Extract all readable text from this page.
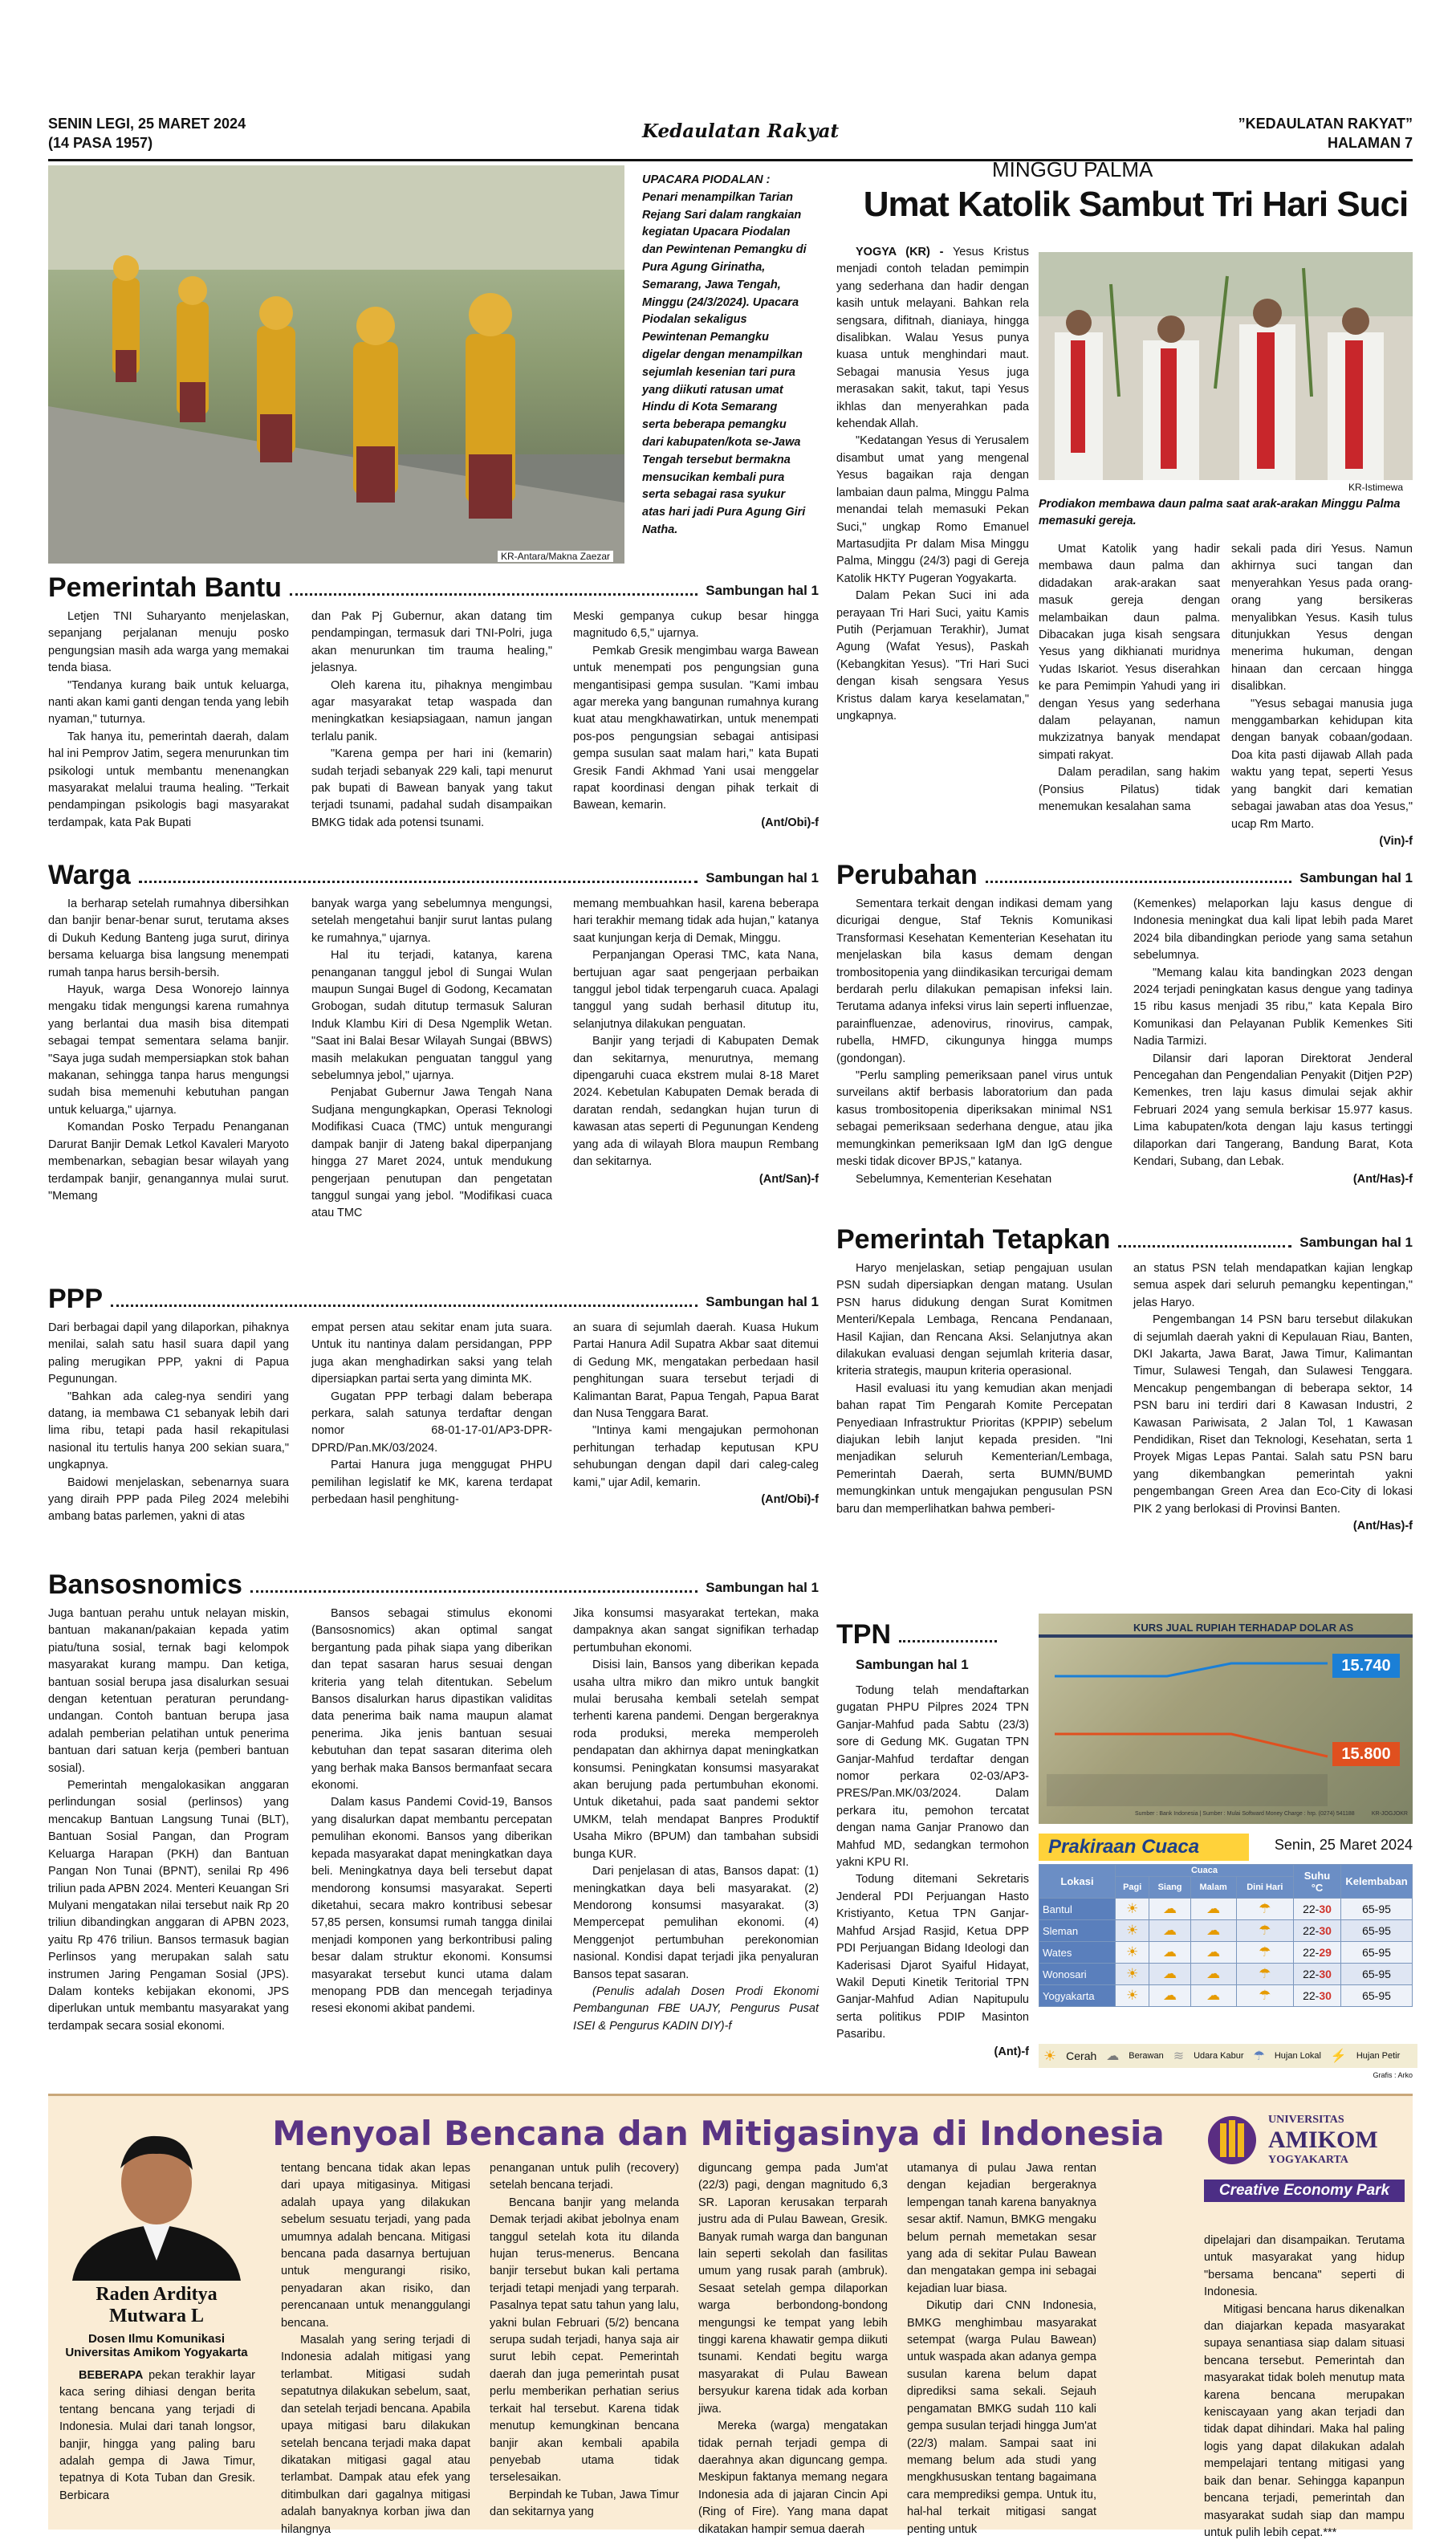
SENIN LEGI, 25 MARET 2024
(14 PASA 1957)
Kedaulatan Rakyat	”KEDAULATAN RAKYAT”
HALAMAN 7
KR-Antara/Makna Zaezar
UPACARA PIODALAN : Penari menampilkan Tarian Rejang Sari dalam rangkaian kegiatan Upacara Piodalan dan Pewintenan Pemangku di Pura Agung Girinatha, Semarang, Jawa Tengah, Minggu (24/3/2024). Upacara Piodalan sekaligus Pewintenan Pemangku digelar dengan menampilkan sejumlah kesenian tari pura yang diikuti ratusan umat Hindu di Kota Semarang serta beberapa pemangku dari kabupaten/kota se-Jawa Tengah tersebut bermakna mensucikan kembali pura serta sebagai rasa syukur atas hari jadi Pura Agung Giri Natha.
MINGGU PALMA
Umat Katolik Sambut Tri Hari Suci

YOGYA (KR) - Yesus Kristus menjadi contoh teladan pemimpin yang sederhana dan hadir dengan kasih untuk melayani. Bahkan rela sengsara, difitnah, dianiaya, hingga disalibkan. Walau Yesus punya kuasa untuk menghindari maut. Sebagai manusia Yesus juga merasakan sakit, takut, tapi Yesus ikhlas dan menyerahkan pada kehendak Allah.

"Kedatangan Yesus di Yerusalem disambut umat yang mengenal Yesus bagaikan raja dengan lambaian daun palma, Minggu Palma menandai telah memasuki Pekan Suci," ungkap Romo Emanuel Martasudjita Pr dalam Misa Minggu Palma, Minggu (24/3) pagi di Gereja Katolik HKTY Pugeran Yogyakarta.

Dalam Pekan Suci ini ada perayaan Tri Hari Suci, yaitu Kamis Putih (Perjamuan Terakhir), Jumat Agung (Wafat Yesus), Paskah (Kebangkitan Yesus). "Tri Hari Suci dengan kisah sengsara Yesus Kristus dalam karya keselamatan," ungkapnya.

KR-Istimewa
Prodiakon membawa daun palma saat arak-arakan Minggu Palma memasuki gereja.

Umat Katolik yang hadir membawa daun palma dan didadakan arak-arakan saat masuk gereja dengan melambaikan daun palma. Dibacakan juga kisah sengsara Yesus yang dikhianati muridnya Yudas Iskariot. Yesus diserahkan ke para Pemimpin Yahudi yang iri dengan Yesus yang sederhana dalam pelayanan, namun mukzizatnya banyak mendapat simpati rakyat.

Dalam peradilan, sang hakim (Ponsius Pilatus) tidak menemukan kesalahan sama

sekali pada diri Yesus. Namun akhirnya suci tangan dan menyerahkan Yesus pada orang-orang yang bersikeras menyalibkan Yesus. Kasih tulus ditunjukkan Yesus dengan menerima hukuman, dengan hinaan dan cercaan hingga disalibkan.

"Yesus sebagai manusia juga menggambarkan kehidupan kita dengan banyak cobaan/godaan. Doa kita pasti dijawab Allah pada waktu yang tepat, seperti Yesus yang bangkit dari kematian sebagai jawaban atas doa Yesus," ucap Rm Marto.

(Vin)-f
Pemerintah Bantu	Sambungan hal 1

Letjen TNI Suharyanto menjelaskan, sepanjang perjalanan menuju posko pengungsian masih ada warga yang memakai tenda biasa.

"Tendanya kurang baik untuk keluarga, nanti akan kami ganti dengan tenda yang lebih nyaman," tuturnya.

Tak hanya itu, pemerintah daerah, dalam hal ini Pemprov Jatim, segera menurunkan tim psikologi untuk membantu menenangkan masyarakat melalui trauma healing. "Terkait pendampingan psikologis bagi masyarakat terdampak, kata Pak Bupati

dan Pak Pj Gubernur, akan datang tim pendampingan, termasuk dari TNI-Polri, juga akan menurunkan tim trauma healing," jelasnya.

Oleh karena itu, pihaknya mengimbau agar masyarakat tetap waspada dan meningkatkan kesiapsiagaan, namun jangan terlalu panik.

"Karena gempa per hari ini (kemarin) sudah terjadi sebanyak 229 kali, tapi menurut pak bupati di Bawean banyak yang takut terjadi tsunami, padahal sudah disampaikan BMKG tidak ada potensi tsunami.

Meski gempanya cukup besar hingga magnitudo 6,5," ujarnya.

Pemkab Gresik mengimbau warga Bawean untuk menempati pos pengungsian guna mengantisipasi gempa susulan. "Kami imbau agar mereka yang bangunan rumahnya kurang kuat atau mengkhawatirkan, untuk menempati pos-pos pengungsian sebagai antisipasi gempa susulan saat malam hari," kata Bupati Gresik Fandi Akhmad Yani usai menggelar rapat koordinasi dengan pihak terkait di Bawean, kemarin.

(Ant/Obi)-f
Warga	Sambungan hal 1

Ia berharap setelah rumahnya dibersihkan dan banjir benar-benar surut, terutama akses di Dukuh Kedung Banteng juga surut, dirinya bersama keluarga bisa langsung menempati rumah tanpa harus bersih-bersih.

Hayuk, warga Desa Wonorejo lainnya mengaku tidak mengungsi karena rumahnya yang berlantai dua masih bisa ditempati sebagai tempat sementara selama banjir. "Saya juga sudah mempersiapkan stok bahan makanan, sehingga tanpa harus mengungsi sudah bisa memenuhi kebutuhan pangan untuk keluarga," ujarnya.

Komandan Posko Terpadu Penanganan Darurat Banjir Demak Letkol Kavaleri Maryoto membenarkan, sebagian besar wilayah yang terdampak banjir, genangannya mulai surut. "Memang

banyak warga yang sebelumnya mengungsi, setelah mengetahui banjir surut lantas pulang ke rumahnya," ujarnya.

Hal itu terjadi, katanya, karena penanganan tanggul jebol di Sungai Wulan maupun Sungai Bugel di Godong, Kecamatan Grobogan, sudah ditutup termasuk Saluran Induk Klambu Kiri di Desa Ngemplik Wetan. "Saat ini Balai Besar Wilayah Sungai (BBWS) masih melakukan penguatan tanggul yang sebelumnya jebol," ujarnya.

Penjabat Gubernur Jawa Tengah Nana Sudjana mengungkapkan, Operasi Teknologi Modifikasi Cuaca (TMC) untuk mengurangi dampak banjir di Jateng bakal diperpanjang hingga 27 Maret 2024, untuk mendukung pengerjaan penutupan dan pengetatan tanggul sungai yang jebol. "Modifikasi cuaca atau TMC

memang membuahkan hasil, karena beberapa hari terakhir memang tidak ada hujan," katanya saat kunjungan kerja di Demak, Minggu.

Perpanjangan Operasi TMC, kata Nana, bertujuan agar saat pengerjaan perbaikan tanggul jebol tidak terpengaruh cuaca. Apalagi tanggul yang sudah berhasil ditutup itu, selanjutnya dilakukan penguatan.

Banjir yang terjadi di Kabupaten Demak dan sekitarnya, menurutnya, memang dipengaruhi cuaca ekstrem mulai 8-18 Maret 2024. Kebetulan Kabupaten Demak berada di daratan rendah, sedangkan hujan turun di kawasan atas seperti di Pegunungan Kendeng yang ada di wilayah Blora maupun Rembang dan sekitarnya.

(Ant/San)-f
Perubahan	Sambungan hal 1

Sementara terkait dengan indikasi demam yang dicurigai dengue, Staf Teknis Komunikasi Transformasi Kesehatan Kementerian Kesehatan itu menjelaskan bila kasus demam dengan trombositopenia yang diindikasikan tercurigai demam berdarah perlu dilakukan pemapisan infeksi lain. Terutama adanya infeksi virus lain seperti influenzae, parainfluenzae, adenovirus, rinovirus, campak, rubella, HMFD, cikungunya hingga mumps (gondongan).

"Perlu sampling pemeriksaan panel virus untuk surveilans aktif berbasis laboratorium dan pada kasus trombositopenia diperiksakan minimal NS1 sebagai pemeriksaan sederhana dengue, atau jika memungkinkan pemeriksaan IgM dan IgG dengue meski tidak dicover BPJS," katanya.

Sebelumnya, Kementerian Kesehatan

(Kemenkes) melaporkan laju kasus dengue di Indonesia meningkat dua kali lipat lebih pada Maret 2024 bila dibandingkan periode yang sama setahun sebelumnya.

"Memang kalau kita bandingkan 2023 dengan 2024 terjadi peningkatan kasus dengue yang tadinya 15 ribu kasus menjadi 35 ribu," kata Kepala Biro Komunikasi dan Pelayanan Publik Kemenkes Siti Nadia Tarmizi.

Dilansir dari laporan Direktorat Jenderal Pencegahan dan Pengendalian Penyakit (Ditjen P2P) Kemenkes, tren laju kasus dimulai sejak akhir Februari 2024 yang semula berkisar 15.977 kasus. Lima kabupaten/kota dengan laju kasus tertinggi dilaporkan dari Tangerang, Bandung Barat, Kota Kendari, Subang, dan Lebak.

(Ant/Has)-f
Pemerintah Tetapkan	Sambungan hal 1

Haryo menjelaskan, setiap pengajuan usulan PSN sudah dipersiapkan dengan matang. Usulan PSN harus didukung dengan Surat Komitmen Menteri/Kepala Lembaga, Rencana Pendanaan, Hasil Kajian, dan Rencana Aksi. Selanjutnya akan dilakukan evaluasi dengan sejumlah kriteria dasar, kriteria strategis, maupun kriteria operasional.

Hasil evaluasi itu yang kemudian akan menjadi bahan rapat Tim Pengarah Komite Percepatan Penyediaan Infrastruktur Prioritas (KPPIP) sebelum diajukan lebih lanjut kepada presiden. "Ini menjadikan seluruh Kementerian/Lembaga, Pemerintah Daerah, serta BUMN/BUMD memungkinkan untuk mengajukan pengusulan PSN baru dan memperlihatkan bahwa pemberi-

an status PSN telah mendapatkan kajian lengkap semua aspek dari seluruh pemangku kepentingan," jelas Haryo.

Pengembangan 14 PSN baru tersebut dilakukan di sejumlah daerah yakni di Kepulauan Riau, Banten, DKI Jakarta, Jawa Barat, Jawa Timur, Kalimantan Timur, Sulawesi Tengah, dan Sulawesi Tenggara. Mencakup pengembangan di beberapa sektor, 14 PSN baru ini terdiri dari 8 Kawasan Industri, 2 Kawasan Pariwisata, 2 Jalan Tol, 1 Kawasan Pendidikan, Riset dan Teknologi, Kesehatan, serta 1 Proyek Migas Lepas Pantai. Salah satu PSN baru yang dikembangkan pemerintah yakni pengembangan Green Area dan Eco-City di lokasi PIK 2 yang berlokasi di Provinsi Banten.

(Ant/Has)-f
PPP	Sambungan hal 1

Dari berbagai dapil yang dilaporkan, pihaknya menilai, salah satu hasil suara dapil yang paling merugikan PPP, yakni di Papua Pegunungan.

"Bahkan ada caleg-nya sendiri yang datang, ia membawa C1 sebanyak lebih dari lima ribu, tetapi pada hasil rekapitulasi nasional itu tertulis hanya 200 sekian suara," ungkapnya.

Baidowi menjelaskan, sebenarnya suara yang diraih PPP pada Pileg 2024 melebihi ambang batas parlemen, yakni di atas

empat persen atau sekitar enam juta suara. Untuk itu nantinya dalam persidangan, PPP juga akan menghadirkan saksi yang telah dipersiapkan partai serta yang diminta MK.

Gugatan PPP terbagi dalam beberapa perkara, salah satunya terdaftar dengan nomor 68-01-17-01/AP3-DPR-DPRD/Pan.MK/03/2024.

Partai Hanura juga menggugat PHPU pemilihan legislatif ke MK, karena terdapat perbedaan hasil penghitung-

an suara di sejumlah daerah. Kuasa Hukum Partai Hanura Adil Supatra Akbar saat ditemui di Gedung MK, mengatakan perbedaan hasil penghitungan suara tersebut terjadi di Kalimantan Barat, Papua Tengah, Papua Barat dan Nusa Tenggara Barat.

"Intinya kami mengajukan permohonan perhitungan terhadap keputusan KPU sehubungan dengan dapil dari caleg-caleg kami," ujar Adil, kemarin.

(Ant/Obi)-f
Bansosnomics	Sambungan hal 1

Juga bantuan perahu untuk nelayan miskin, bantuan makanan/pakaian kepada yatim piatu/tuna sosial, ternak bagi kelompok masyarakat kurang mampu. Dan ketiga, bantuan sosial berupa jasa disalurkan sesuai dengan ketentuan peraturan perundang-undangan. Contoh bantuan berupa jasa adalah pemberian pelatihan untuk penerima bantuan dari satuan kerja (pemberi bantuan sosial).

Pemerintah mengalokasikan anggaran perlindungan sosial (perlinsos) yang mencakup Bantuan Langsung Tunai (BLT), Bantuan Sosial Pangan, dan Program Keluarga Harapan (PKH) dan Bantuan Pangan Non Tunai (BPNT), senilai Rp 496 triliun pada APBN 2024. Menteri Keuangan Sri Mulyani mengatakan nilai tersebut naik Rp 20 triliun dibandingkan anggaran di APBN 2023, yaitu Rp 476 triliun. Bansos termasuk bagian Perlinsos yang merupakan salah satu instrumen Jaring Pengaman Sosial (JPS). Dalam konteks kebijakan ekonomi, JPS diperlukan untuk membantu masyarakat yang terdampak secara sosial ekonomi.

Bansos sebagai stimulus ekonomi (Bansosnomics) akan optimal sangat bergantung pada pihak siapa yang diberikan dan tepat sasaran harus sesuai dengan kriteria yang telah ditentukan. Sebelum Bansos disalurkan harus dipastikan validitas data penerima baik nama maupun alamat penerima. Jika jenis bantuan sesuai kebutuhan dan tepat sasaran diterima oleh yang berhak maka Bansos bermanfaat secara ekonomi.

Dalam kasus Pandemi Covid-19, Bansos yang disalurkan dapat membantu percepatan pemulihan ekonomi. Bansos yang diberikan kepada masyarakat dapat meningkatkan daya beli. Meningkatnya daya beli tersebut dapat mendorong konsumsi masyarakat. Seperti diketahui, secara makro kontribusi sebesar 57,85 persen, konsumsi rumah tangga dinilai menjadi komponen yang berkontribusi paling besar dalam struktur ekonomi. Konsumsi masyarakat tersebut kunci utama dalam menopang PDB dan mencegah terjadinya resesi ekonomi akibat pandemi.

Jika konsumsi masyarakat tertekan, maka dampaknya akan sangat signifikan terhadap pertumbuhan ekonomi.

Disisi lain, Bansos yang diberikan kepada usaha ultra mikro dan mikro untuk bangkit mulai berusaha kembali setelah sempat terhenti karena pandemi. Dengan bergeraknya roda produksi, mereka memperoleh pendapatan dan akhirnya dapat meningkatkan konsumsi. Peningkatan konsumsi masyarakat akan berujung pada pertumbuhan ekonomi. Untuk diketahui, pada saat pandemi sektor UMKM, telah mendapat Banpres Produktif Usaha Mikro (BPUM) dan tambahan subsidi bunga KUR.

Dari penjelasan di atas, Bansos dapat: (1) meningkatkan daya beli masyarakat. (2) Mendorong konsumsi masyarakat. (3) Mempercepat pemulihan ekonomi. (4) Menggenjot pertumbuhan perekonomian nasional. Kondisi dapat terjadi jika penyaluran Bansos tepat sasaran.

(Penulis adalah Dosen Prodi Ekonomi Pembangunan FBE UAJY, Pengurus Pusat ISEI & Pengurus KADIN DIY)-f

TPN
Sambungan hal 1

Todung telah mendaftarkan gugatan PHPU Pilpres 2024 TPN Ganjar-Mahfud pada Sabtu (23/3) sore di Gedung MK. Gugatan TPN Ganjar-Mahfud terdaftar dengan nomor perkara 02-03/AP3-PRES/Pan.MK/03/2024. Dalam perkara itu, pemohon tercatat dengan nama Ganjar Pranowo dan Mahfud MD, sedangkan termohon yakni KPU RI.

Todung ditemani Sekretaris Jenderal PDI Perjuangan Hasto Kristiyanto, Ketua TPN Ganjar-Mahfud Arsjad Rasjid, Ketua DPP PDI Perjuangan Bidang Ideologi dan Kaderisasi Djarot Syaiful Hidayat, Wakil Deputi Kinetik Teritorial TPN Ganjar-Mahfud Adian Napitupulu serta politikus PDIP Masinton Pasaribu.

(Ant)-f
KURS JUAL RUPIAH TERHADAP DOLAR AS
15.740
15.800
Sumber : Bank Indonesia | Sumber : Mulai Softward Money Charge : hrp. (0274) 541188	KR-JOGJOKR
Prakiraan Cuaca	Senin, 25 Maret 2024
Lokasi	Cuaca				Suhu °C	Kelembaban
	Pagi	Siang	Malam	Dini Hari		
Bantul	☀	☁	☁	☂	22-30	65-95
Sleman	☀	☁	☁	☂	22-30	65-95
Wates	☀	☁	☁	☂	22-29	65-95
Wonosari	☀	☁	☁	☂	22-30	65-95
Yogyakarta	☀	☁	☁	☂	22-30	65-95
☀ Cerah ☁ Berawan ≋ Udara Kabur ☂ Hujan Lokal ⚡ Hujan Petir
Grafis : Arko
Menyoal Bencana dan Mitigasinya di Indonesia
Raden Arditya Mutwara L
Dosen Ilmu Komunikasi
Universitas Amikom Yogyakarta

BEBERAPA pekan terakhir layar kaca sering dihiasi dengan berita tentang bencana yang terjadi di Indonesia. Mulai dari tanah longsor, banjir, hingga yang paling baru adalah gempa di Jawa Timur, tepatnya di Kota Tuban dan Gresik. Berbicara

tentang bencana tidak akan lepas dari upaya mitigasinya. Mitigasi adalah upaya yang dilakukan sebelum sesuatu terjadi, yang pada umumnya adalah bencana. Mitigasi bencana pada dasarnya bertujuan untuk mengurangi risiko, penyadaran akan risiko, dan perencanaan untuk menanggulangi bencana.

Masalah yang sering terjadi di Indonesia adalah mitigasi yang terlambat. Mitigasi sudah sepatutnya dilakukan sebelum, saat, dan setelah terjadi bencana. Apabila upaya mitigasi baru dilakukan setelah bencana terjadi maka dapat dikatakan mitigasi gagal atau terlambat. Dampak atau efek yang ditimbulkan dari gagalnya mitigasi adalah banyaknya korban jiwa dan hilangnya

penanganan untuk pulih (recovery) setelah bencana terjadi.

Bencana banjir yang melanda Demak terjadi akibat jebolnya enam tanggul setelah kota itu dilanda hujan terus-menerus. Bencana banjir tersebut bukan kali pertama terjadi tetapi menjadi yang terparah. Pasalnya tepat satu tahun yang lalu, yakni bulan Februari (5/2) bencana serupa sudah terjadi, hanya saja air surut lebih cepat. Pemerintah daerah dan juga pemerintah pusat perlu memberikan perhatian serius terkait hal tersebut. Karena tidak menutup kemungkinan bencana banjir akan kembali apabila penyebab utama tidak terselesaikan.

Berpindah ke Tuban, Jawa Timur dan sekitarnya yang

diguncang gempa pada Jum'at (22/3) pagi, dengan magnitudo 6,3 SR. Laporan kerusakan terparah justru ada di Pulau Bawean, Gresik. Banyak rumah warga dan bangunan lain seperti sekolah dan fasilitas umum yang rusak parah (ambruk). Sesaat setelah gempa dilaporkan warga berbondong-bondong mengungsi ke tempat yang lebih tinggi karena khawatir gempa diikuti tsunami. Kendati begitu warga masyarakat di Pulau Bawean bersyukur karena tidak ada korban jiwa.

Mereka (warga) mengatakan tidak pernah terjadi gempa di daerahnya akan diguncang gempa. Meskipun faktanya memang negara Indonesia ada di jajaran Cincin Api (Ring of Fire). Yang mana dapat dikatakan hampir semua daerah

utamanya di pulau Jawa rentan dengan kejadian bergeraknya lempengan tanah karena banyaknya sesar aktif. Namun, BMKG mengaku belum pernah memetakan sesar yang ada di sekitar Pulau Bawean dan mengatakan gempa ini sebagai kejadian luar biasa.

Dikutip dari CNN Indonesia, BMKG menghimbau masyarakat setempat (warga Pulau Bawean) untuk waspada akan adanya gempa susulan karena belum dapat diprediksi sama sekali. Sejauh pengamatan BMKG sudah 110 kali gempa susulan terjadi hingga Jum'at (22/3) malam. Sampai saat ini memang belum ada studi yang mengkhususkan tentang bagaimana cara memprediksi gempa. Untuk itu, hal-hal terkait mitigasi sangat penting untuk

UNIVERSITAS
AMIKOM
YOGYAKARTA
Creative Economy Park

dipelajari dan disampaikan. Terutama untuk masyarakat yang hidup "bersama bencana" seperti di Indonesia.

Mitigasi bencana harus dikenalkan dan diajarkan kepada masyarakat supaya senantiasa siap dalam situasi bencana tersebut. Pemerintah dan masyarakat tidak boleh menutup mata karena bencana merupakan keniscayaan yang akan terjadi dan tidak dapat dihindari. Maka hal paling logis yang dapat dilakukan adalah mempelajari tentang mitigasi yang baik dan benar. Sehingga kapanpun bencana terjadi, pemerintah dan masyarakat sudah siap dan mampu untuk pulih lebih cepat.***
